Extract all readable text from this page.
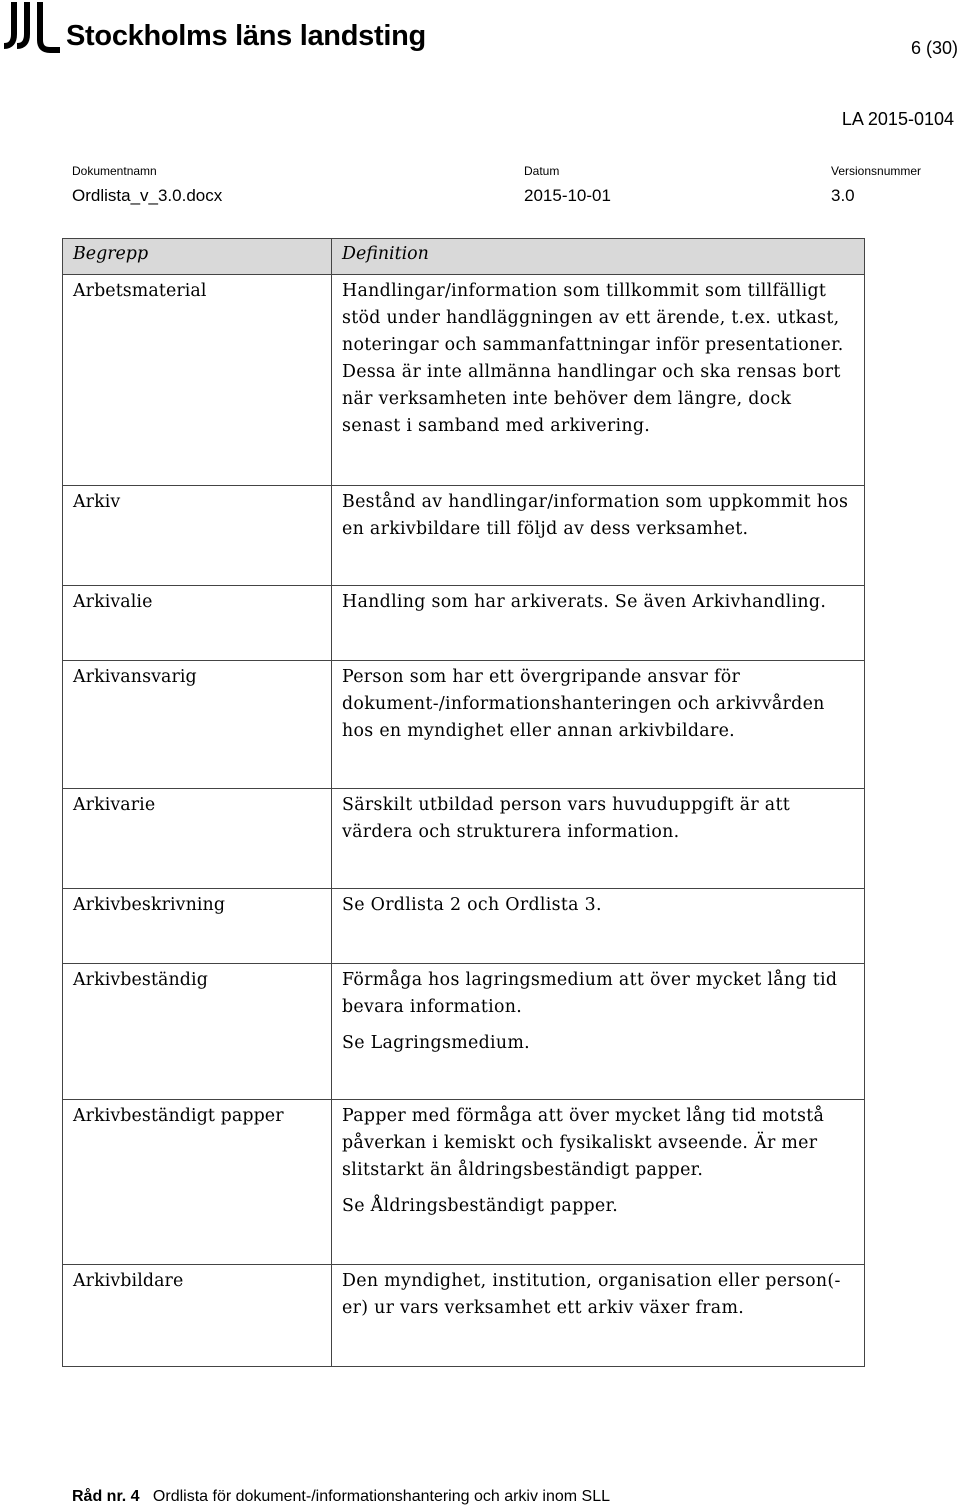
Stockholms läns landsting	6 (30)
LA 2015-0104
Dokumentnamn
Ordlista_v_3.0.docx
Datum
2015-10-01
Versionsnummer
3.0
Begrepp	Definition
Arbetsmaterial	Handlingar/information som tillkommit som tillfälligt stöd under handläggningen av ett ärende, t.ex. utkast, noteringar och sammanfattningar inför presentationer. Dessa är inte allmänna handlingar och ska rensas bort när verksamheten inte behöver dem längre, dock senast i samband med arkivering.

Arkiv	Bestånd av handlingar/information som uppkommit hos en arkivbildare till följd av dess verksamhet.

Arkivalie	Handling som har arkiverats. Se även Arkivhandling.

Arkivansvarig	Person som har ett övergripande ansvar för dokument-/informationshanteringen och arkivvården hos en myndighet eller annan arkivbildare.

Arkivarie	Särskilt utbildad person vars huvuduppgift är att värdera och strukturera information.

Arkivbeskrivning	Se Ordlista 2 och Ordlista 3.

Arkivbeständig	Förmåga hos lagringsmedium att över mycket lång tid bevara information.

Se Lagringsmedium.

Arkivbeständigt papper	Papper med förmåga att över mycket lång tid motstå påverkan i kemiskt och fysikaliskt avseende. Är mer slitstarkt än åldringsbeständigt papper.

Se Åldringsbeständigt papper.

Arkivbildare	Den myndighet, institution, organisation eller person(-er) ur vars verksamhet ett arkiv växer fram.

Råd nr. 4 Ordlista för dokument-/informationshantering och arkiv inom SLL
